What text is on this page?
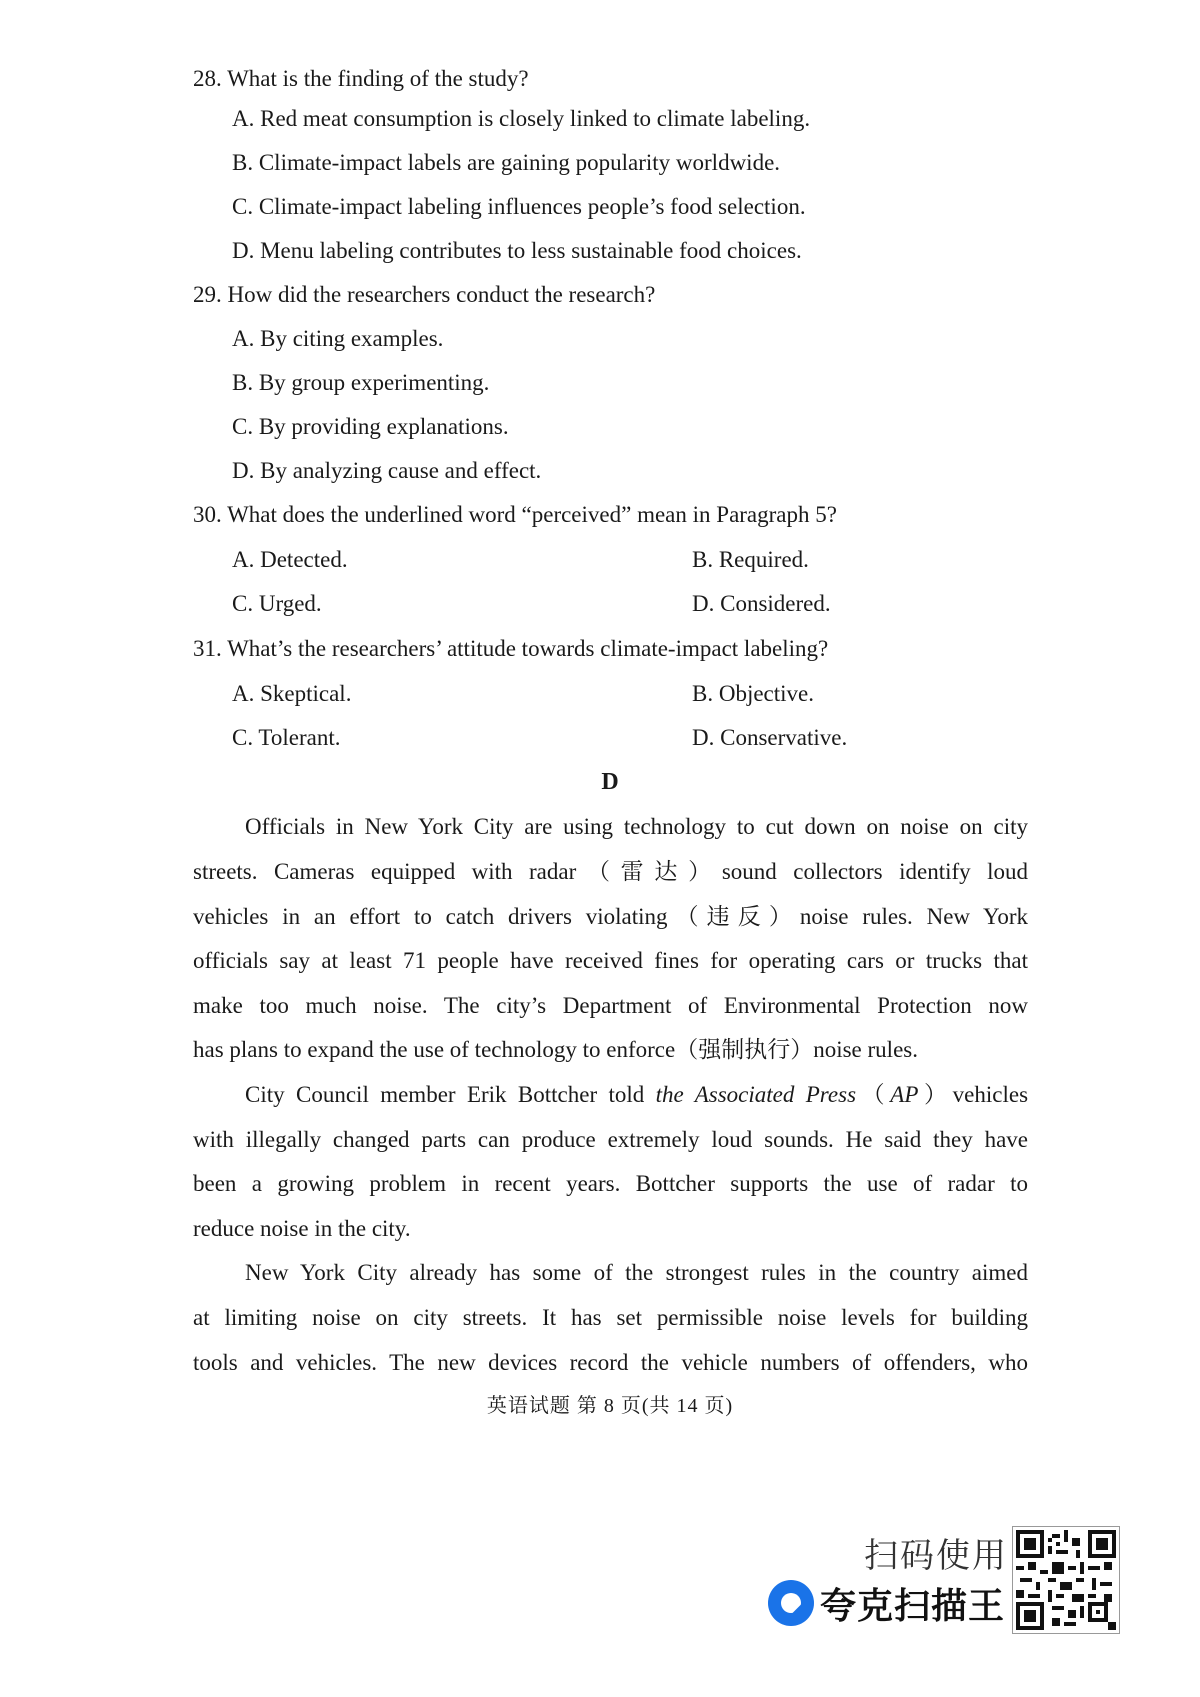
28. What is the finding of the study?
A. Red meat consumption is closely linked to climate labeling.
B. Climate-impact labels are gaining popularity worldwide.
C. Climate-impact labeling influences people’s food selection.
D. Menu labeling contributes to less sustainable food choices.
29. How did the researchers conduct the research?
A. By citing examples.
B. By group experimenting.
C. By providing explanations.
D. By analyzing cause and effect.
30. What does the underlined word “perceived” mean in Paragraph 5?
A. Detected.	B. Required.
C. Urged.	D. Considered.
31. What’s the researchers’ attitude towards climate-impact labeling?
A. Skeptical.	B. Objective.
C. Tolerant.	D. Conservative.
D
Officials in New York City are using technology to cut down on noise on city
streets. Cameras equipped with radar（雷达）sound collectors identify loud
vehicles in an effort to catch drivers violating（违反）noise rules. New York
officials say at least 71 people have received fines for operating cars or trucks that
make too much noise. The city’s Department of Environmental Protection now
has plans to expand the use of technology to enforce（强制执行）noise rules.
City Council member Erik Bottcher told the Associated Press（AP）vehicles
with illegally changed parts can produce extremely loud sounds. He said they have
been a growing problem in recent years. Bottcher supports the use of radar to
reduce noise in the city.
New York City already has some of the strongest rules in the country aimed
at limiting noise on city streets. It has set permissible noise levels for building
tools and vehicles. The new devices record the vehicle numbers of offenders, who
英语试题 第 8 页(共 14 页)
扫码使用
夸克扫描王
